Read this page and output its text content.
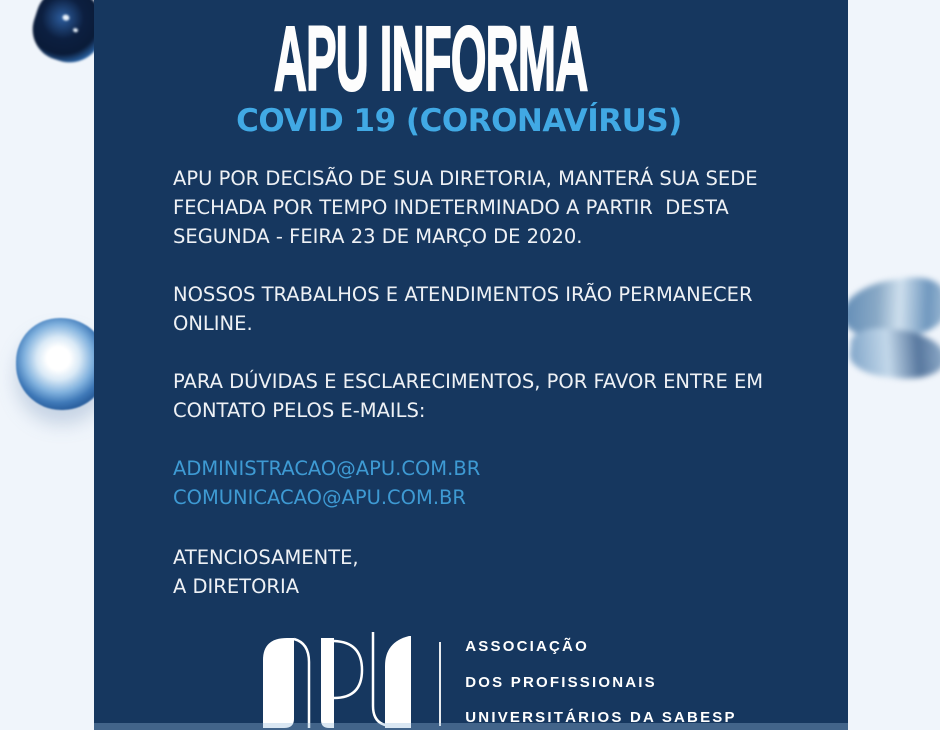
APU INFORMA
COVID 19 (CORONAVÍRUS)
APU POR DECISÃO DE SUA DIRETORIA, MANTERÁ SUA SEDE
FECHADA POR TEMPO INDETERMINADO A PARTIR  DESTA
SEGUNDA - FEIRA 23 DE MARÇO DE 2020.
NOSSOS TRABALHOS E ATENDIMENTOS IRÃO PERMANECER
ONLINE.
PARA DÚVIDAS E ESCLARECIMENTOS, POR FAVOR ENTRE EM
CONTATO PELOS E-MAILS:
ADMINISTRACAO@APU.COM.BR
COMUNICACAO@APU.COM.BR
ATENCIOSAMENTE,
A DIRETORIA
ASSOCIAÇÃO
DOS PROFISSIONAIS
UNIVERSITÁRIOS DA SABESP
